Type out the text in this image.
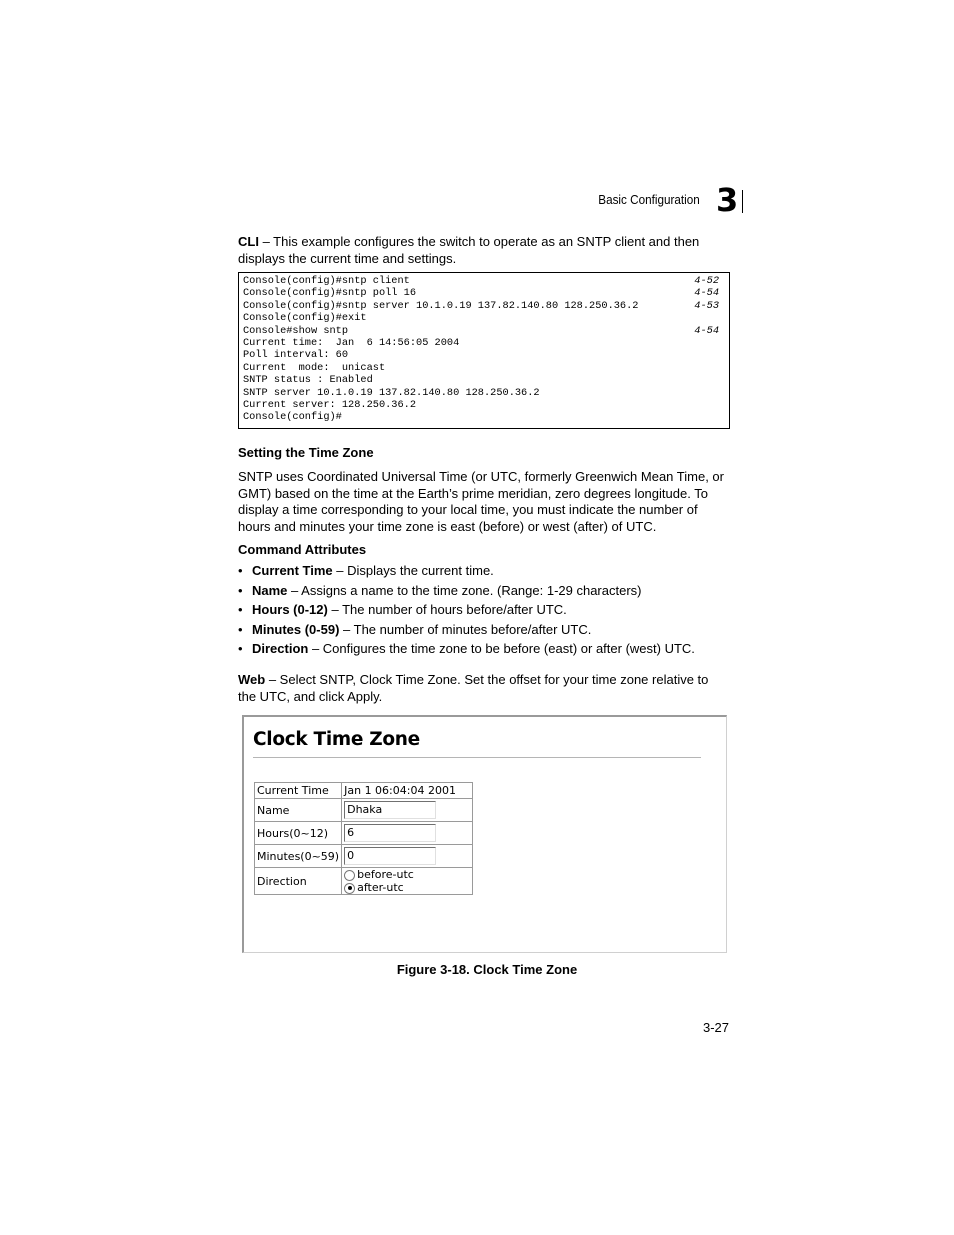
Basic Configuration 3
CLI – This example configures the switch to operate as an SNTP client and then displays the current time and settings.
Console(config)#sntp client	4-52
Console(config)#sntp poll 16	4-54
Console(config)#sntp server 10.1.0.19 137.82.140.80 128.250.36.2	4-53
Console(config)#exit
Console#show sntp	4-54
Current time:  Jan  6 14:56:05 2004
Poll interval: 60
Current  mode:  unicast
SNTP status : Enabled
SNTP server 10.1.0.19 137.82.140.80 128.250.36.2
Current server: 128.250.36.2
Console(config)#
Setting the Time Zone
SNTP uses Coordinated Universal Time (or UTC, formerly Greenwich Mean Time, or GMT) based on the time at the Earth’s prime meridian, zero degrees longitude. To display a time corresponding to your local time, you must indicate the number of hours and minutes your time zone is east (before) or west (after) of UTC.
Command Attributes
• Current Time – Displays the current time.
• Name – Assigns a name to the time zone. (Range: 1-29 characters)
• Hours (0-12) – The number of hours before/after UTC.
• Minutes (0-59) – The number of minutes before/after UTC.
• Direction – Configures the time zone to be before (east) or after (west) UTC.
Web – Select SNTP, Clock Time Zone. Set the offset for your time zone relative to the UTC, and click Apply.
Clock Time Zone
Current Time	Jan 1 06:04:04 2001
Name	Dhaka
Hours(0~12)	6
Minutes(0~59)	0
Direction	before-utc   after-utc
Figure 3-18. Clock Time Zone
3-27
